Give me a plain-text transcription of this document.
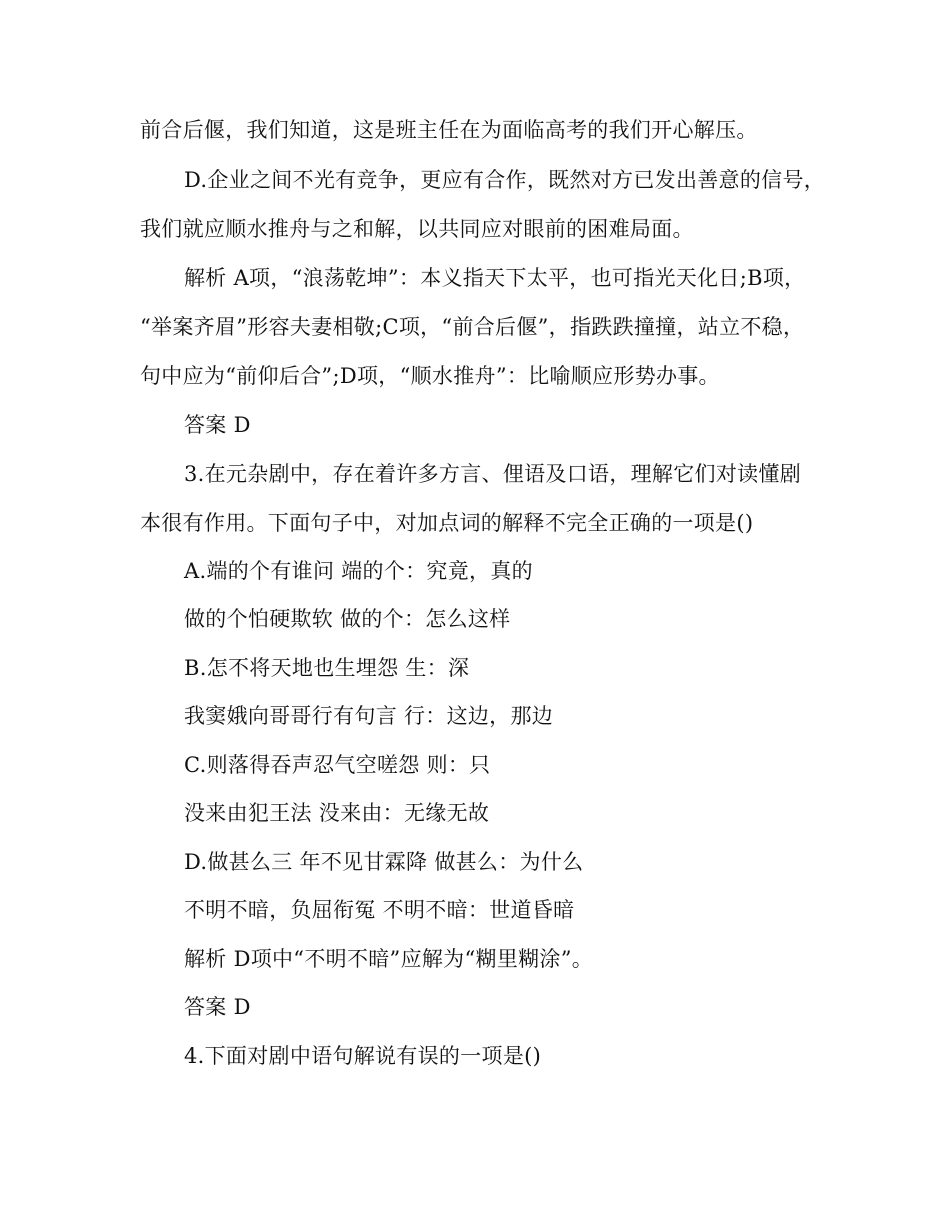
前合后偃，我们知道，这是班主任在为面临高考的我们开心解压。
D.企业之间不光有竞争，更应有合作，既然对方已发出善意的信号，
我们就应顺水推舟与之和解，以共同应对眼前的困难局面。
解析 A项，“浪荡乾坤”：本义指天下太平，也可指光天化日;B项，
“举案齐眉”形容夫妻相敬;C项，“前合后偃”，指跌跌撞撞，站立不稳，
句中应为“前仰后合”;D项，“顺水推舟”：比喻顺应形势办事。
答案 D
3.在元杂剧中，存在着许多方言、俚语及口语，理解它们对读懂剧
本很有作用。下面句子中，对加点词的解释不完全正确的一项是()
A.端的个有谁问 端的个：究竟，真的
做的个怕硬欺软 做的个：怎么这样
B.怎不将天地也生埋怨 生：深
我窦娥向哥哥行有句言 行：这边，那边
C.则落得吞声忍气空嗟怨 则：只
没来由犯王法 没来由：无缘无故
D.做甚么三 年不见甘霖降 做甚么：为什么
不明不暗，负屈衔冤 不明不暗：世道昏暗
解析 D项中“不明不暗”应解为“糊里糊涂”。
答案 D
4.下面对剧中语句解说有误的一项是()
